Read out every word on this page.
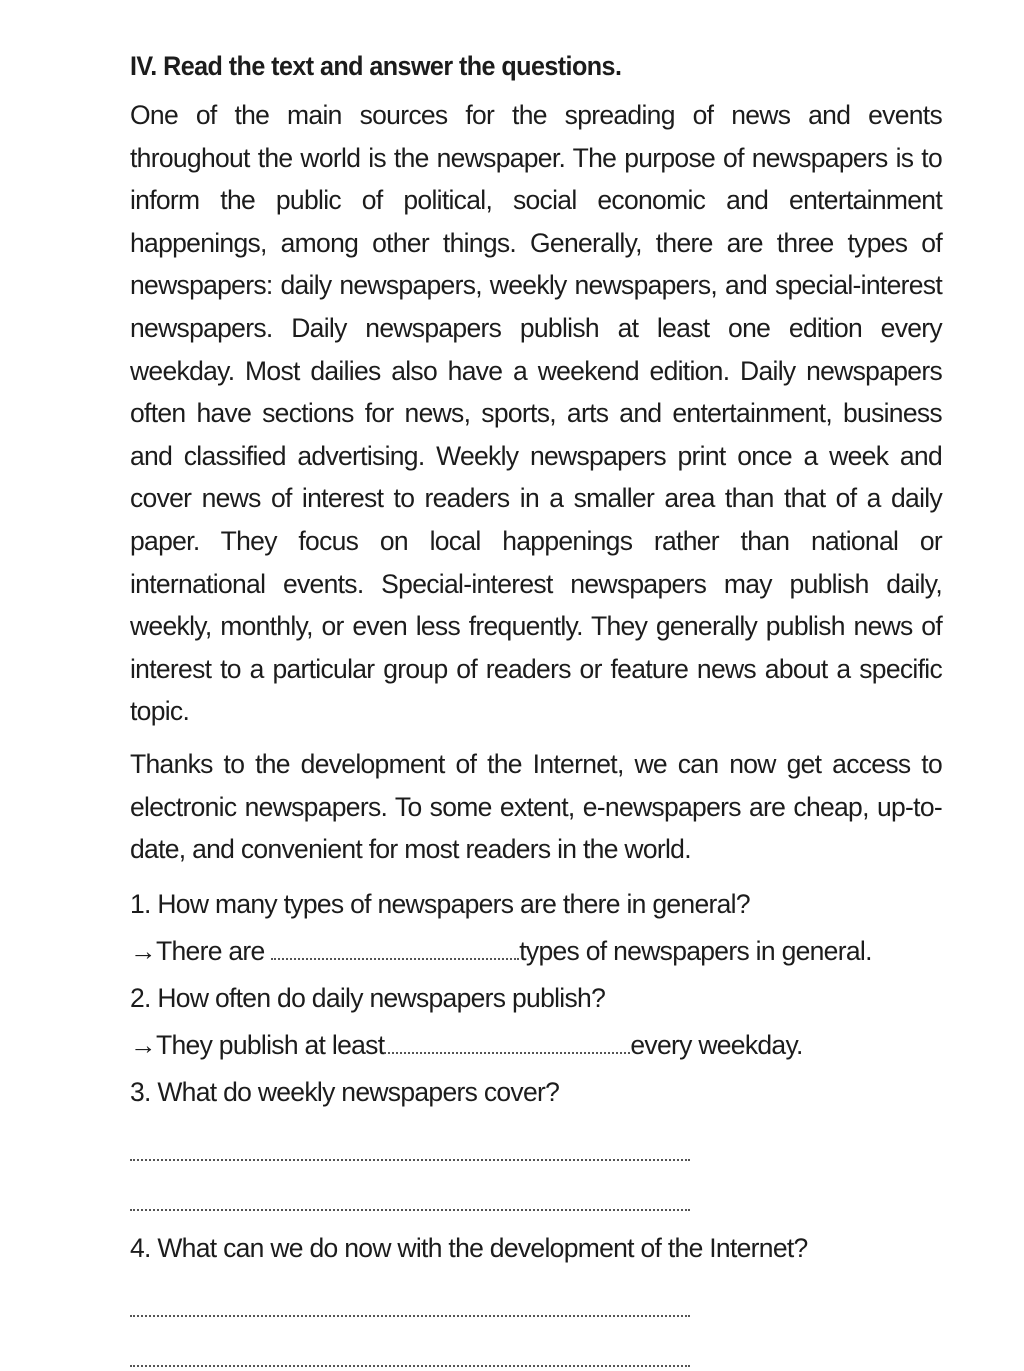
IV. Read the text and answer the questions.

One of the main sources for the spreading of news and events throughout the world is the newspaper. The purpose of newspapers is to inform the public of political, social economic and entertainment happenings, among other things. Generally, there are three types of newspapers: daily newspapers, weekly newspapers, and special-interest newspapers. Daily newspapers publish at least one edition every weekday. Most dailies also have a weekend edition. Daily newspapers often have sections for news, sports, arts and entertainment, business and classified advertising. Weekly newspapers print once a week and cover news of interest to readers in a smaller area than that of a daily paper. They focus on local happenings rather than national or international events. Special-interest newspapers may publish daily, weekly, monthly, or even less frequently. They generally publish news of interest to a particular group of readers or feature news about a specific topic.

Thanks to the development of the Internet, we can now get access to electronic newspapers. To some extent, e-newspapers are cheap, up-to-date, and convenient for most readers in the world.

1. How many types of newspapers are there in general?

→There are	types of newspapers in general.

2. How often do daily newspapers publish?

→They publish at least	every weekday.

3. What do weekly newspapers cover?

4. What can we do now with the development of the Internet?
